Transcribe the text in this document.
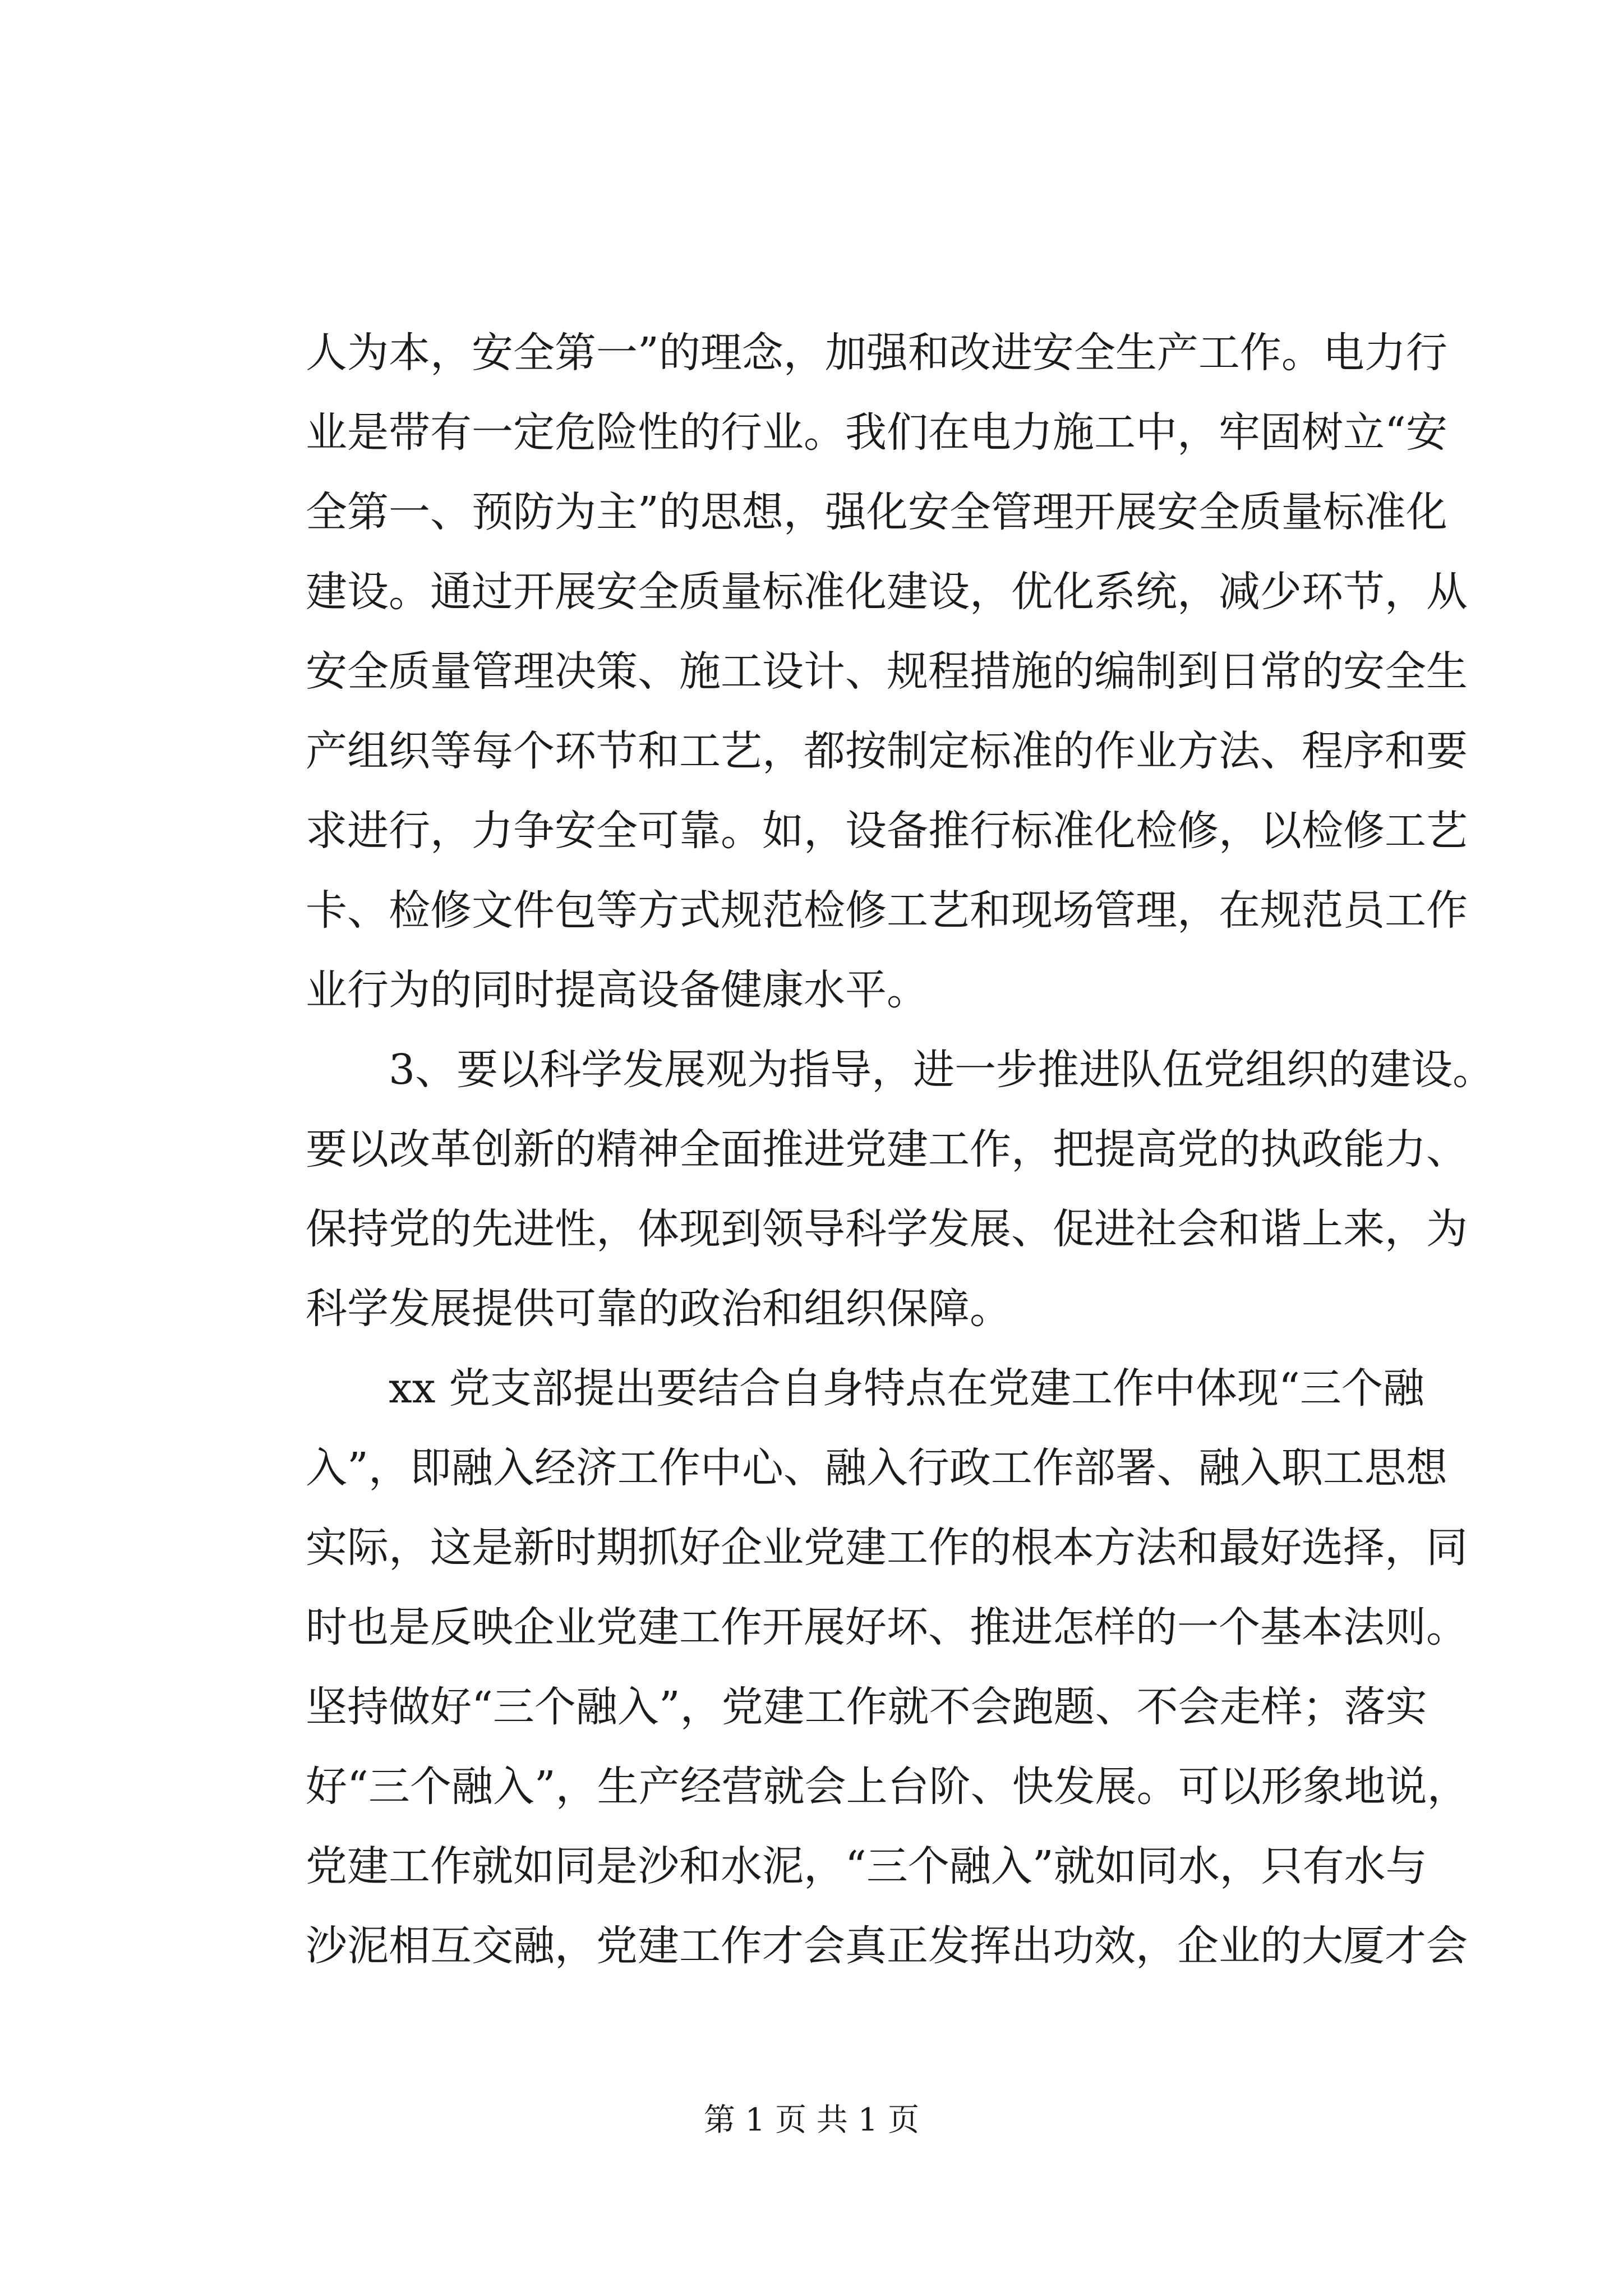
人为本，安全第一”的理念，加强和改进安全生产工作。电力行
业是带有一定危险性的行业。我们在电力施工中，牢固树立“安
全第一、预防为主”的思想，强化安全管理开展安全质量标准化
建设。通过开展安全质量标准化建设，优化系统，减少环节，从
安全质量管理决策、施工设计、规程措施的编制到日常的安全生
产组织等每个环节和工艺，都按制定标准的作业方法、程序和要
求进行，力争安全可靠。如，设备推行标准化检修，以检修工艺
卡、检修文件包等方式规范检修工艺和现场管理，在规范员工作
业行为的同时提高设备健康水平。
　　3、要以科学发展观为指导，进一步推进队伍党组织的建设。
要以改革创新的精神全面推进党建工作，把提高党的执政能力、
保持党的先进性，体现到领导科学发展、促进社会和谐上来，为
科学发展提供可靠的政治和组织保障。
　　xx 党支部提出要结合自身特点在党建工作中体现“三个融
入”，即融入经济工作中心、融入行政工作部署、融入职工思想
实际，这是新时期抓好企业党建工作的根本方法和最好选择，同
时也是反映企业党建工作开展好坏、推进怎样的一个基本法则。
坚持做好“三个融入”，党建工作就不会跑题、不会走样；落实
好“三个融入”，生产经营就会上台阶、快发展。可以形象地说，
党建工作就如同是沙和水泥，“三个融入”就如同水，只有水与
沙泥相互交融，党建工作才会真正发挥出功效，企业的大厦才会
第 1 页 共 1 页
